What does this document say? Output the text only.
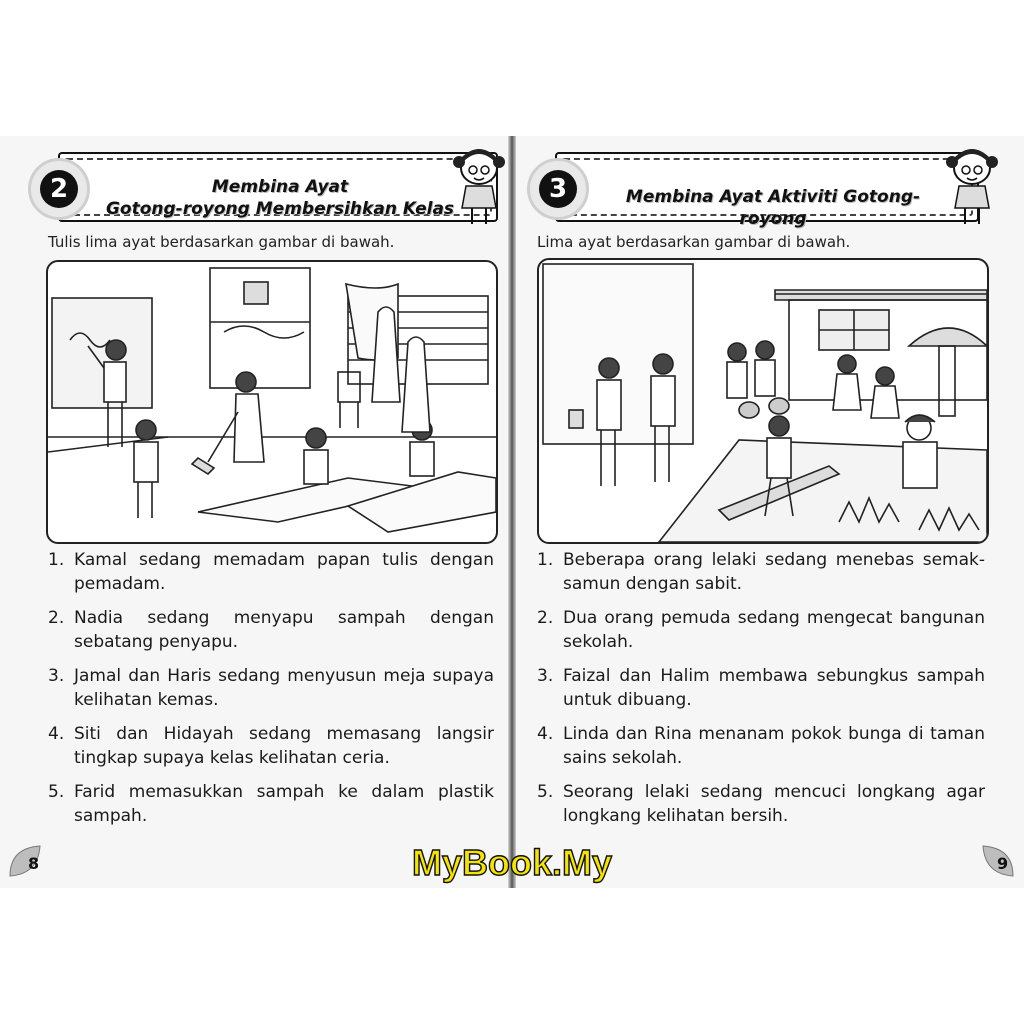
2	Membina Ayat
Gotong-royong Membersihkan Kelas
Tulis lima ayat berdasarkan gambar di bawah.
1. Kamal sedang memadam papan tulis dengan pemadam.
2. Nadia sedang menyapu sampah dengan sebatang penyapu.
3. Jamal dan Haris sedang menyusun meja supaya kelihatan kemas.
4. Siti dan Hidayah sedang memasang langsir tingkap supaya kelas kelihatan ceria.
5. Farid memasukkan sampah ke dalam plastik sampah.
8
3	Membina Ayat Aktiviti Gotong-royong
Lima ayat berdasarkan gambar di bawah.
1. Beberapa orang lelaki sedang menebas semak-samun dengan sabit.
2. Dua orang pemuda sedang mengecat bangunan sekolah.
3. Faizal dan Halim membawa sebungkus sampah untuk dibuang.
4. Linda dan Rina menanam pokok bunga di taman sains sekolah.
5. Seorang lelaki sedang mencuci longkang agar longkang kelihatan bersih.
9
MyBook.My
